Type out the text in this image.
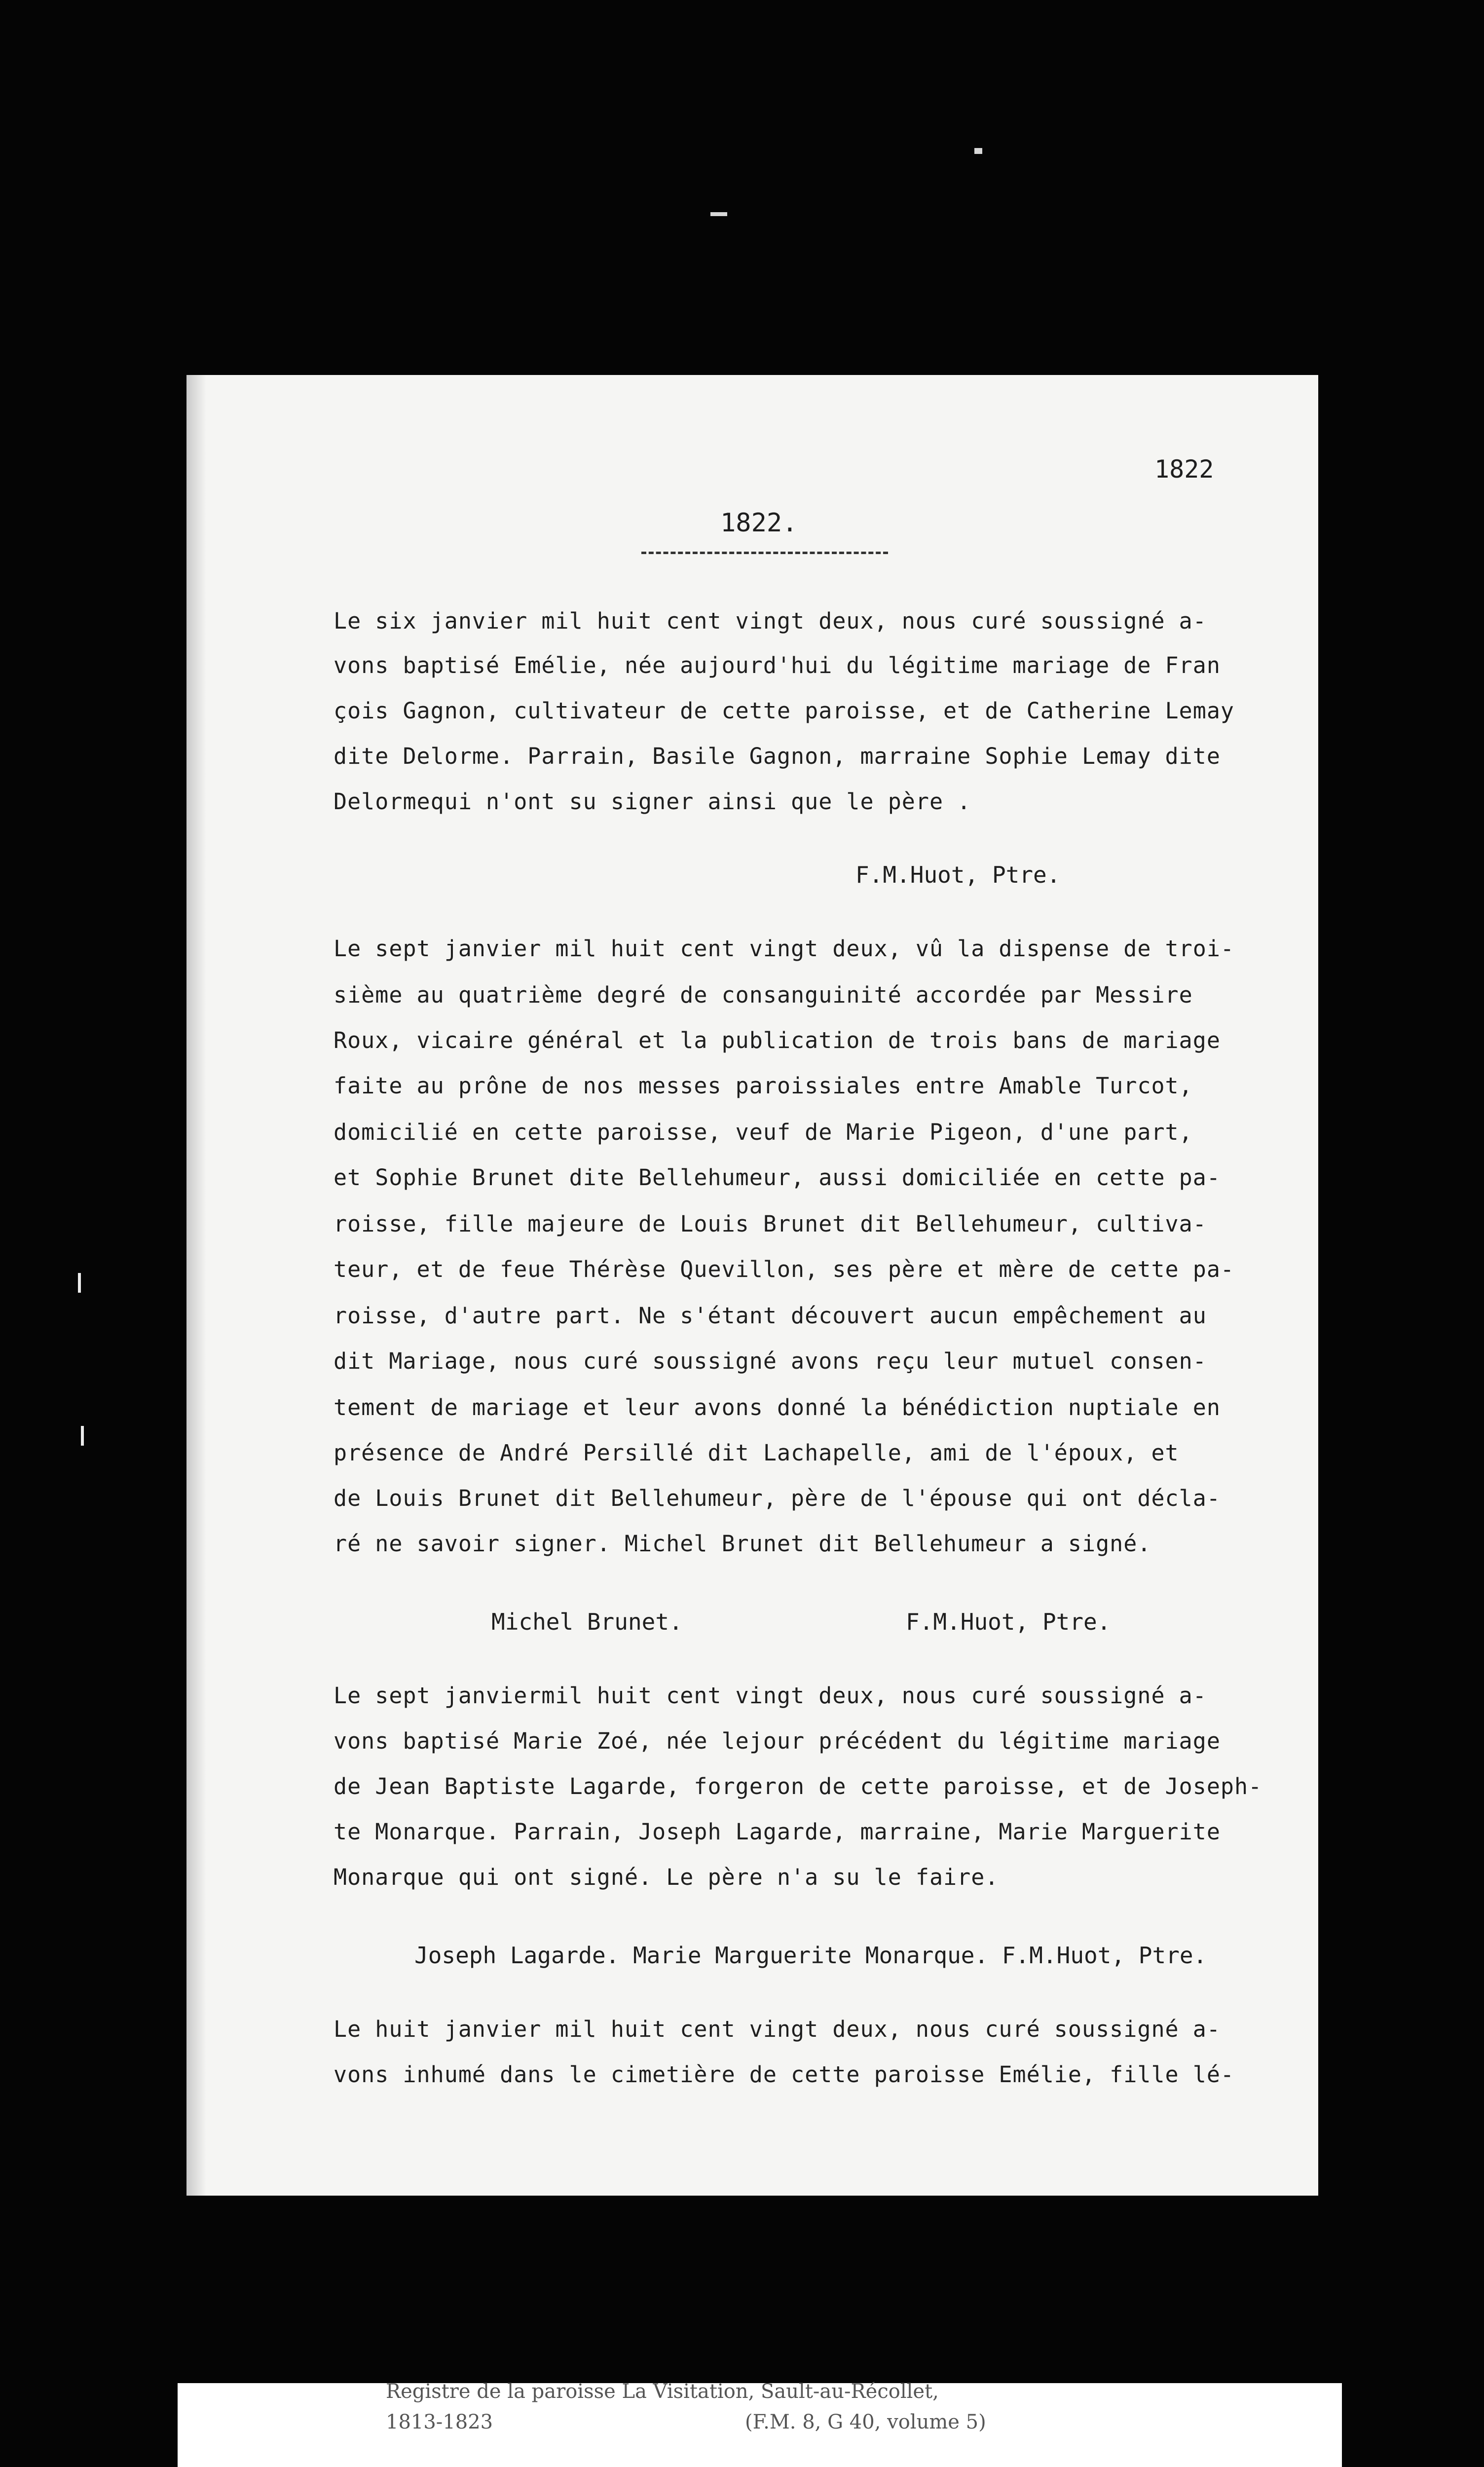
1822
1822.
Le six janvier mil huit cent vingt deux, nous curé soussigné a-
vons baptisé Emélie, née aujourd'hui du légitime mariage de Fran
çois Gagnon, cultivateur de cette paroisse, et de Catherine Lemay
dite Delorme. Parrain, Basile Gagnon, marraine Sophie Lemay dite
Delormequi n'ont su signer ainsi que le père .
F.M.Huot, Ptre.
Le sept janvier mil huit cent vingt deux, vû la dispense de troi-
sième au quatrième degré de consanguinité accordée par Messire
Roux, vicaire général et la publication de trois bans de mariage
faite au prône de nos messes paroissiales entre Amable Turcot,
domicilié en cette paroisse, veuf de Marie Pigeon, d'une part,
et Sophie Brunet dite Bellehumeur, aussi domiciliée en cette pa-
roisse, fille majeure de Louis Brunet dit Bellehumeur, cultiva-
teur, et de feue Thérèse Quevillon, ses père et mère de cette pa-
roisse, d'autre part. Ne s'étant découvert aucun empêchement au
dit Mariage, nous curé soussigné avons reçu leur mutuel consen-
tement de mariage et leur avons donné la bénédiction nuptiale en
présence de André Persillé dit Lachapelle, ami de l'époux, et
de Louis Brunet dit Bellehumeur, père de l'épouse qui ont décla-
ré ne savoir signer. Michel Brunet dit Bellehumeur a signé.
Michel Brunet.	F.M.Huot, Ptre.
Le sept janviermil huit cent vingt deux, nous curé soussigné a-
vons baptisé Marie Zoé, née lejour précédent du légitime mariage
de Jean Baptiste Lagarde, forgeron de cette paroisse, et de Joseph-
te Monarque. Parrain, Joseph Lagarde, marraine, Marie Marguerite
Monarque qui ont signé. Le père n'a su le faire.
Joseph Lagarde. Marie Marguerite Monarque. F.M.Huot, Ptre.
Le huit janvier mil huit cent vingt deux, nous curé soussigné a-
vons inhumé dans le cimetière de cette paroisse Emélie, fille lé-
Registre de la paroisse La Visitation, Sault-au-Récollet,
1813-1823	(F.M. 8, G 40, volume 5)
